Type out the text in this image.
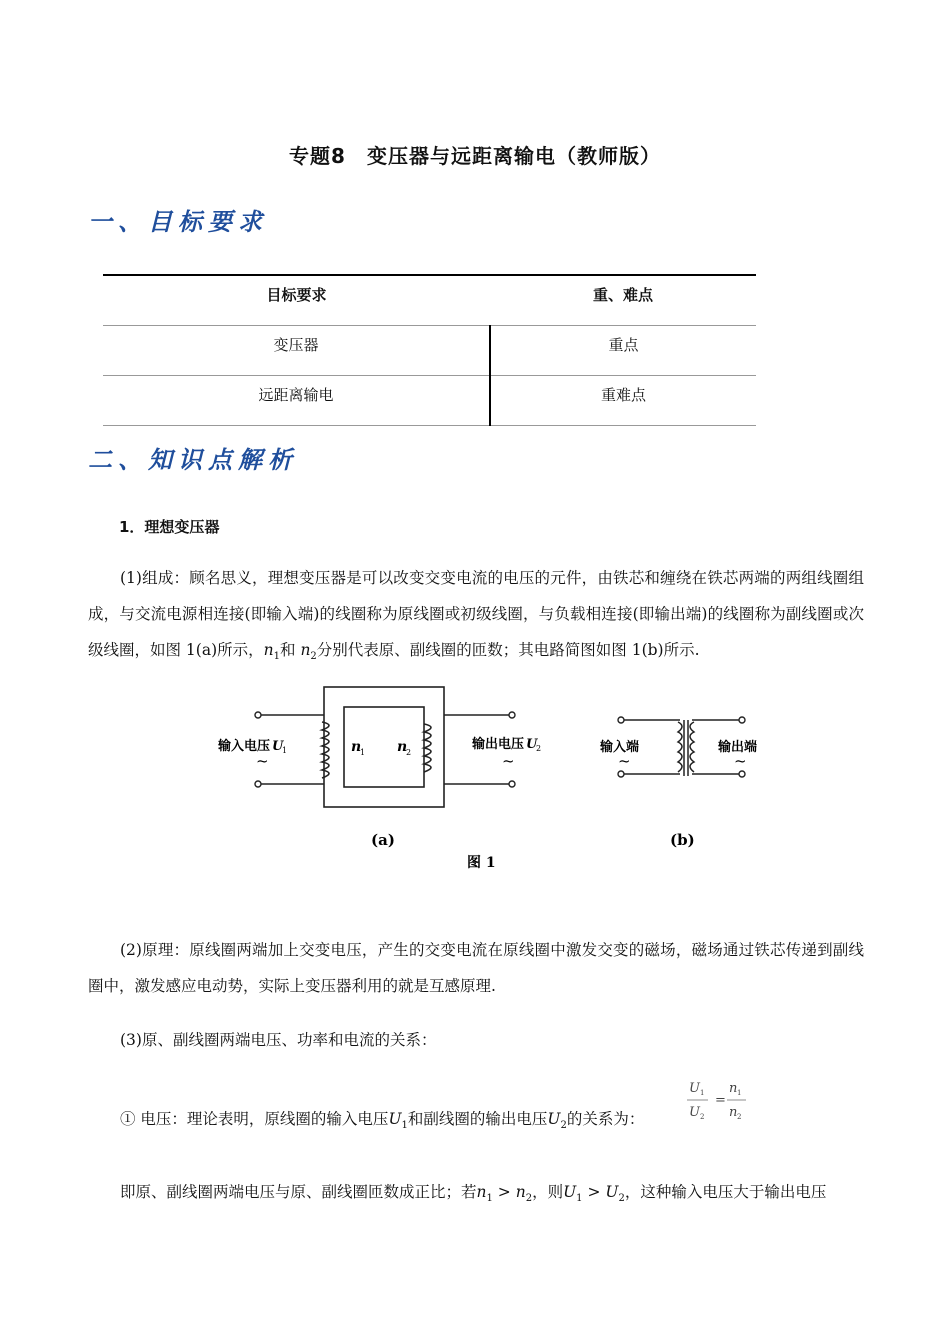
专题8　变压器与远距离输电（教师版）
一、目标要求
目标要求	重、难点
变压器	重点
远距离输电	重难点
二、知识点解析
1．理想变压器
(1)组成：顾名思义，理想变压器是可以改变交变电流的电压的元件，由铁芯和缠绕在铁芯两端的两组线圈组成，与交流电源相连接(即输入端)的线圈称为原线圈或初级线圈，与负载相连接(即输出端)的线圈称为副线圈或次级线圈，如图 1(a)所示，$n_1$和 $n_2$分别代表原、副线圈的匝数；其电路简图如图 1(b)所示.
输入电压 U
1
~
n
1 n
2
输出电压 U
2
~
输入端
~
输出端
~
(a)	(b)
图 1
(2)原理：原线圈两端加上交变电压，产生的交变电流在原线圈中激发交变的磁场，磁场通过铁芯传递到副线圈中，激发感应电动势，实际上变压器利用的就是互感原理.
(3)原、副线圈两端电压、功率和电流的关系：
U 1
U 2
=
n 1
n 2
① 电压：理论表明，原线圈的输入电压$U_1$和副线圈的输出电压$U_2$的关系为：
即原、副线圈两端电压与原、副线圈匝数成正比；若$n_1 > n_2$，则$U_1 > U_2$，这种输入电压大于输出电压
